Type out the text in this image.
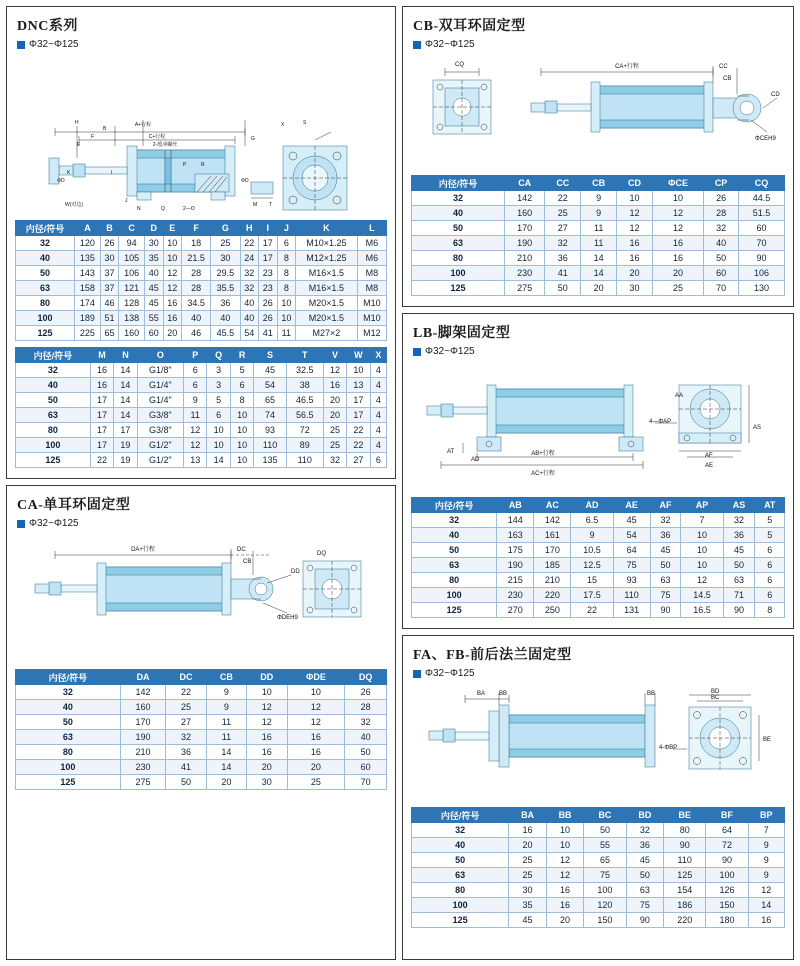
DNC系列
Φ32~Φ125
A+行程
C+行程
2-缓冲螺丝
H
B
F
E
G
X	S
ΦD	ΦD
W(对边)
N	Q	2—O
M T
P	R
K	I
J
内径/符号	A	B	C	D	E	F	G	H	I	J	K	L
32	120	26	94	30	10	18	25	22	17	6	M10×1.25	M6
40	135	30	105	35	10	21.5	30	24	17	8	M12×1.25	M6
50	143	37	106	40	12	28	29.5	32	23	8	M16×1.5	M8
63	158	37	121	45	12	28	35.5	32	23	8	M16×1.5	M8
80	174	46	128	45	16	34.5	36	40	26	10	M20×1.5	M10
100	189	51	138	55	16	40	40	40	26	10	M20×1.5	M10
125	225	65	160	60	20	46	45.5	54	41	11	M27×2	M12
内径/符号	M	N	O	P	Q	R	S	T	V	W	X
32	16	14	G1/8"	6	3	5	45	32.5	12	10	4
40	16	14	G1/4"	6	3	6	54	38	16	13	4
50	17	14	G1/4"	9	5	8	65	46.5	20	17	4
63	17	14	G3/8"	11	6	10	74	56.5	20	17	4
80	17	17	G3/8"	12	10	10	93	72	25	22	4
100	17	19	G1/2"	12	10	10	110	89	25	22	4
125	22	19	G1/2"	13	14	10	135	110	32	27	6
CA-单耳环固定型
Φ32~Φ125
DA+行程	DC
CB
DD
ΦDEH9
DQ
内径/符号	DA	DC	CB	DD	ΦDE	DQ
32	142	22	9	10	10	26
40	160	25	9	12	12	28
50	170	27	11	12	12	32
63	190	32	11	16	16	40
80	210	36	14	16	16	50
100	230	41	14	20	20	60
125	275	50	20	30	25	70
CB-双耳环固定型
Φ32~Φ125
CA+行程
CQ	CC
CB
CD
ΦCEH9
内径/符号	CA	CC	CB	CD	ΦCE	CP	CQ
32	142	22	9	10	10	26	44.5
40	160	25	9	12	12	28	51.5
50	170	27	11	12	12	32	60
63	190	32	11	16	16	40	70
80	210	36	14	16	16	50	90
100	230	41	14	20	20	60	106
125	275	50	20	30	25	70	130
LB-脚架固定型
Φ32~Φ125
AB+行程
AC+行程
4—ΦAP
AT
AD
AF
AE
AS
AA
内径/符号	AB	AC	AD	AE	AF	AP	AS	AT
32	144	142	6.5	45	32	7	32	5
40	163	161	9	54	36	10	36	5
50	175	170	10.5	64	45	10	45	6
63	190	185	12.5	75	50	10	50	6
80	215	210	15	93	63	12	63	6
100	230	220	17.5	110	75	14.5	71	6
125	270	250	22	131	90	16.5	90	8
FA、FB-前后法兰固定型
Φ32~Φ125
BA BB	BB
BC
BD
BE
4-ΦBP
内径/符号	BA	BB	BC	BD	BE	BF	BP
32	16	10	50	32	80	64	7
40	20	10	55	36	90	72	9
50	25	12	65	45	110	90	9
63	25	12	75	50	125	100	9
80	30	16	100	63	154	126	12
100	35	16	120	75	186	150	14
125	45	20	150	90	220	180	16
